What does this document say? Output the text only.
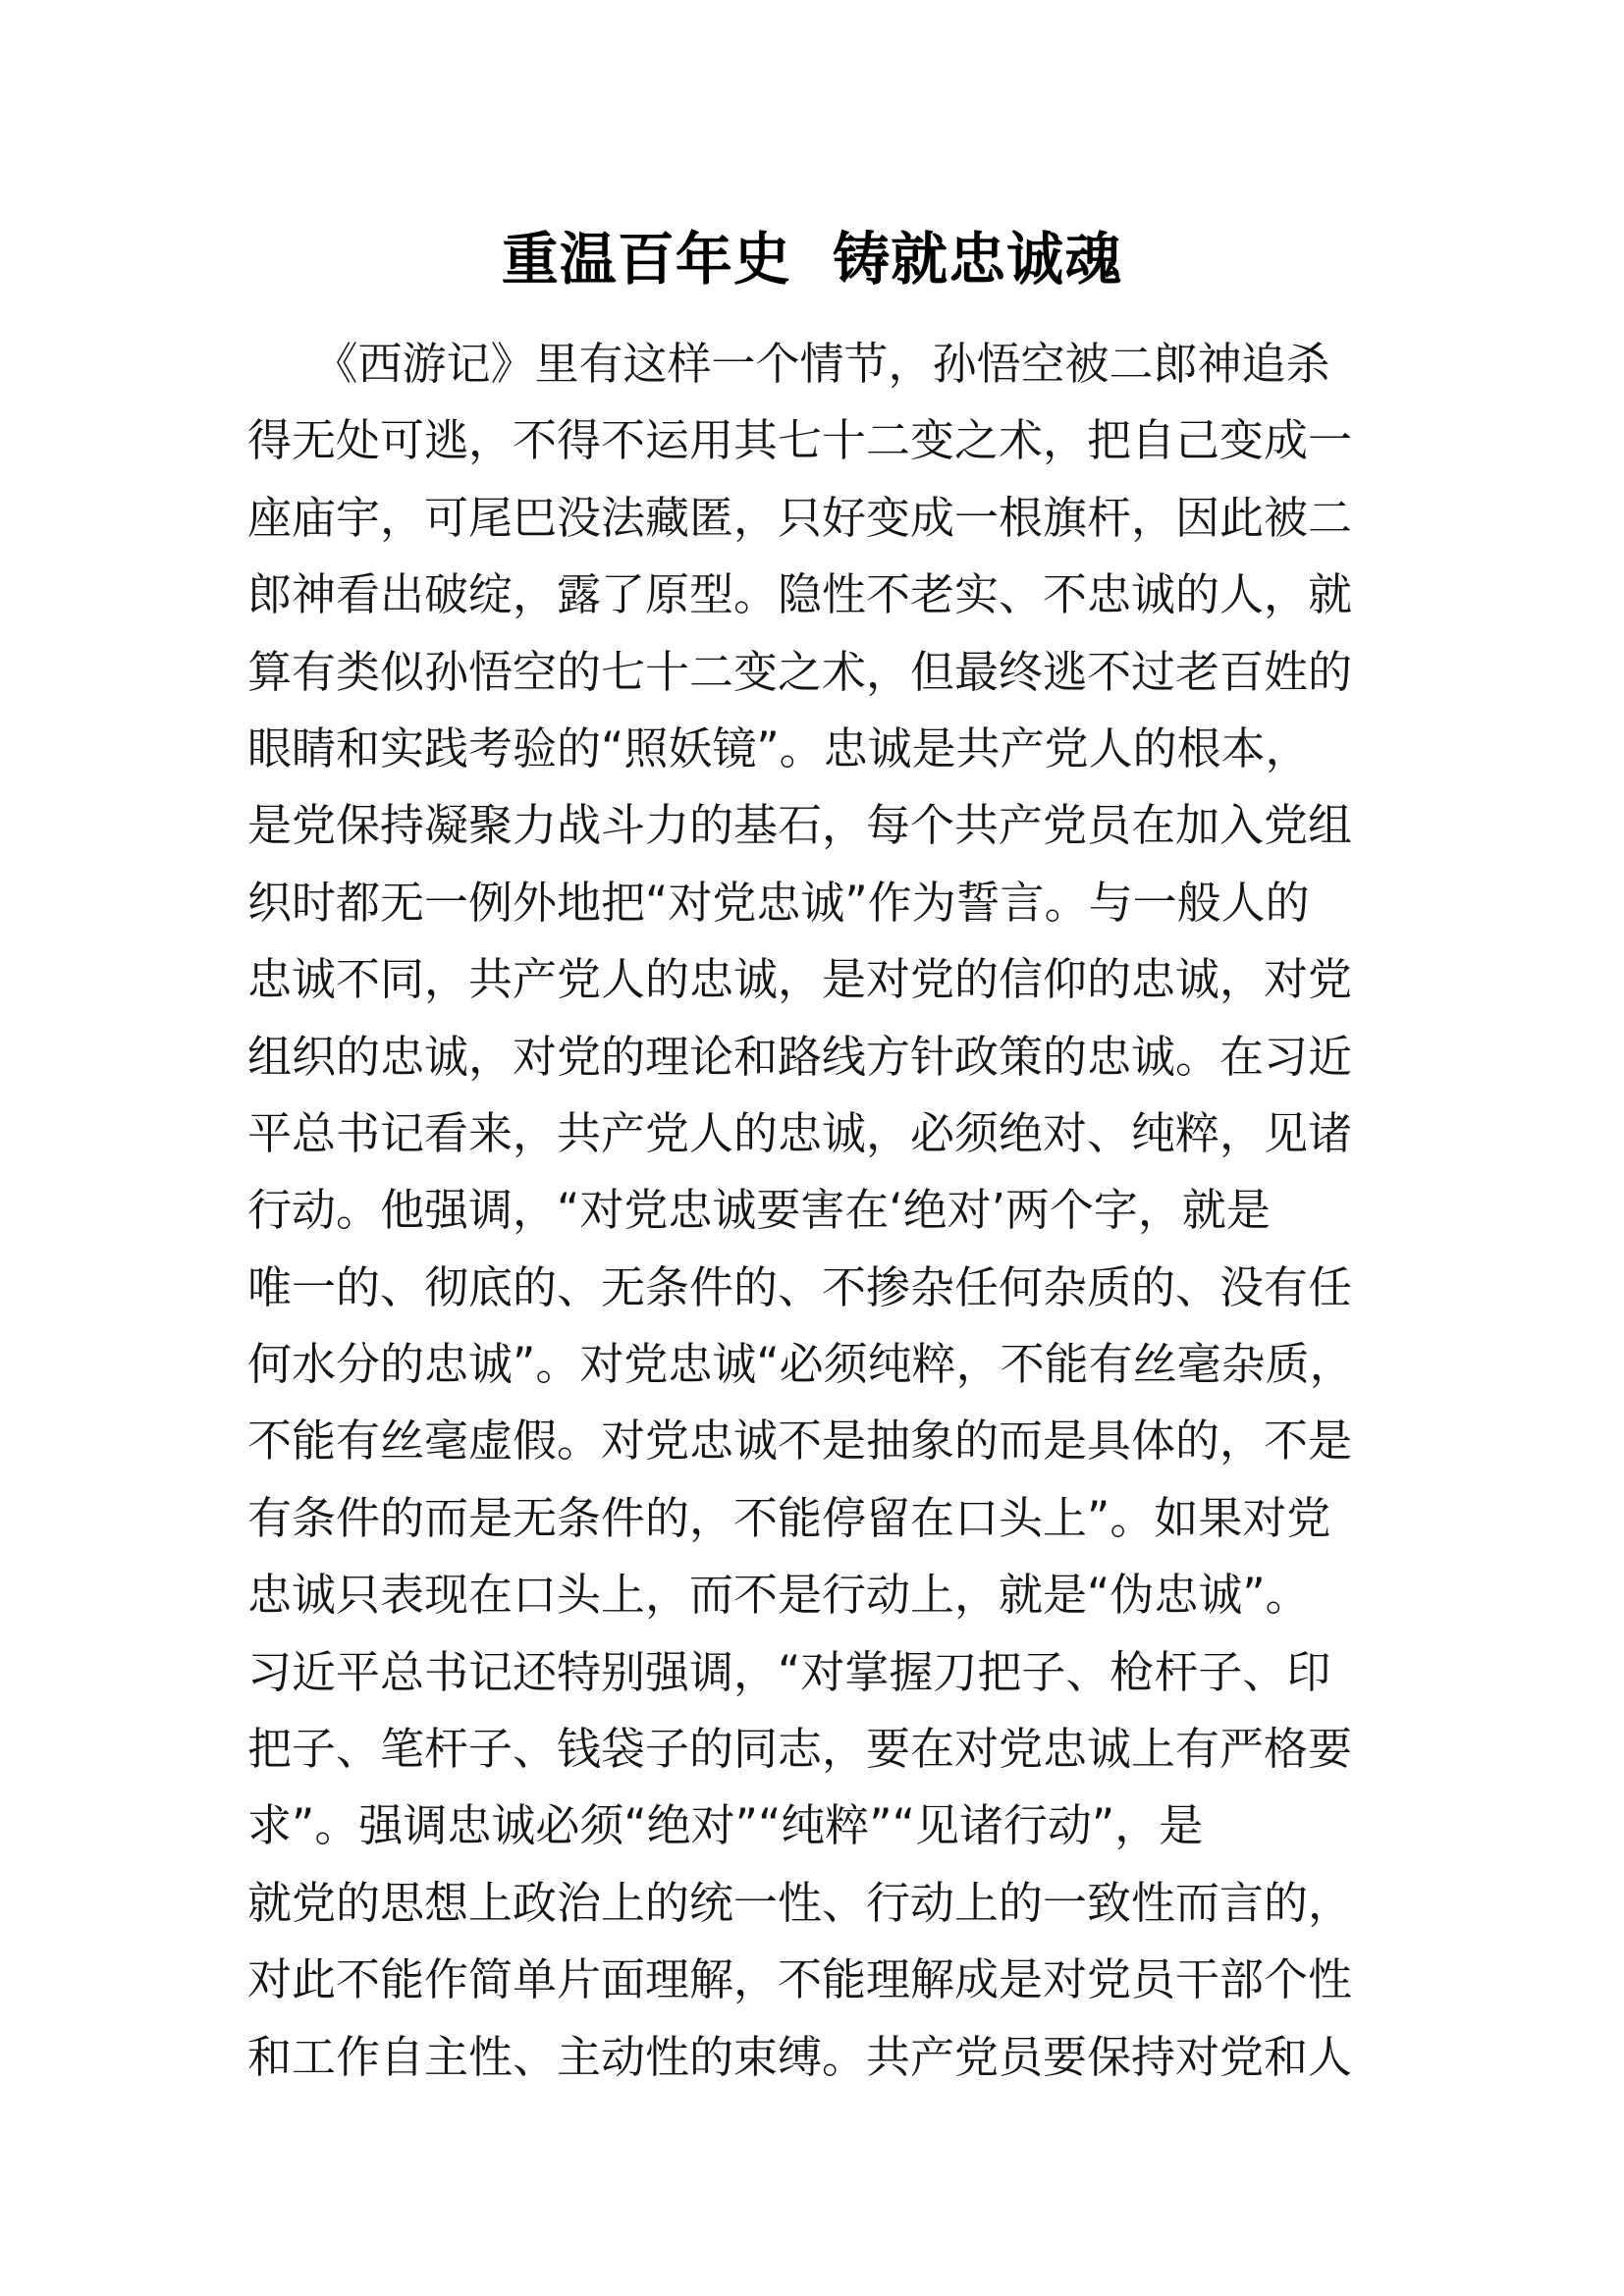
重温百年史  铸就忠诚魂
　　《西游记》里有这样一个情节，孙悟空被二郎神追杀
得无处可逃，不得不运用其七十二变之术，把自己变成一
座庙宇，可尾巴没法藏匿，只好变成一根旗杆，因此被二
郎神看出破绽，露了原型。隐性不老实、不忠诚的人，就
算有类似孙悟空的七十二变之术，但最终逃不过老百姓的
眼睛和实践考验的“照妖镜”。忠诚是共产党人的根本，
是党保持凝聚力战斗力的基石，每个共产党员在加入党组
织时都无一例外地把“对党忠诚”作为誓言。与一般人的
忠诚不同，共产党人的忠诚，是对党的信仰的忠诚，对党
组织的忠诚，对党的理论和路线方针政策的忠诚。在习近
平总书记看来，共产党人的忠诚，必须绝对、纯粹，见诸
行动。他强调，“对党忠诚要害在‘绝对’两个字，就是
唯一的、彻底的、无条件的、不掺杂任何杂质的、没有任
何水分的忠诚”。对党忠诚“必须纯粹，不能有丝毫杂质，
不能有丝毫虚假。对党忠诚不是抽象的而是具体的，不是
有条件的而是无条件的，不能停留在口头上”。如果对党
忠诚只表现在口头上，而不是行动上，就是“伪忠诚”。
习近平总书记还特别强调，“对掌握刀把子、枪杆子、印
把子、笔杆子、钱袋子的同志，要在对党忠诚上有严格要
求”。强调忠诚必须“绝对”“纯粹”“见诸行动”，是
就党的思想上政治上的统一性、行动上的一致性而言的，
对此不能作简单片面理解，不能理解成是对党员干部个性
和工作自主性、主动性的束缚。共产党员要保持对党和人
